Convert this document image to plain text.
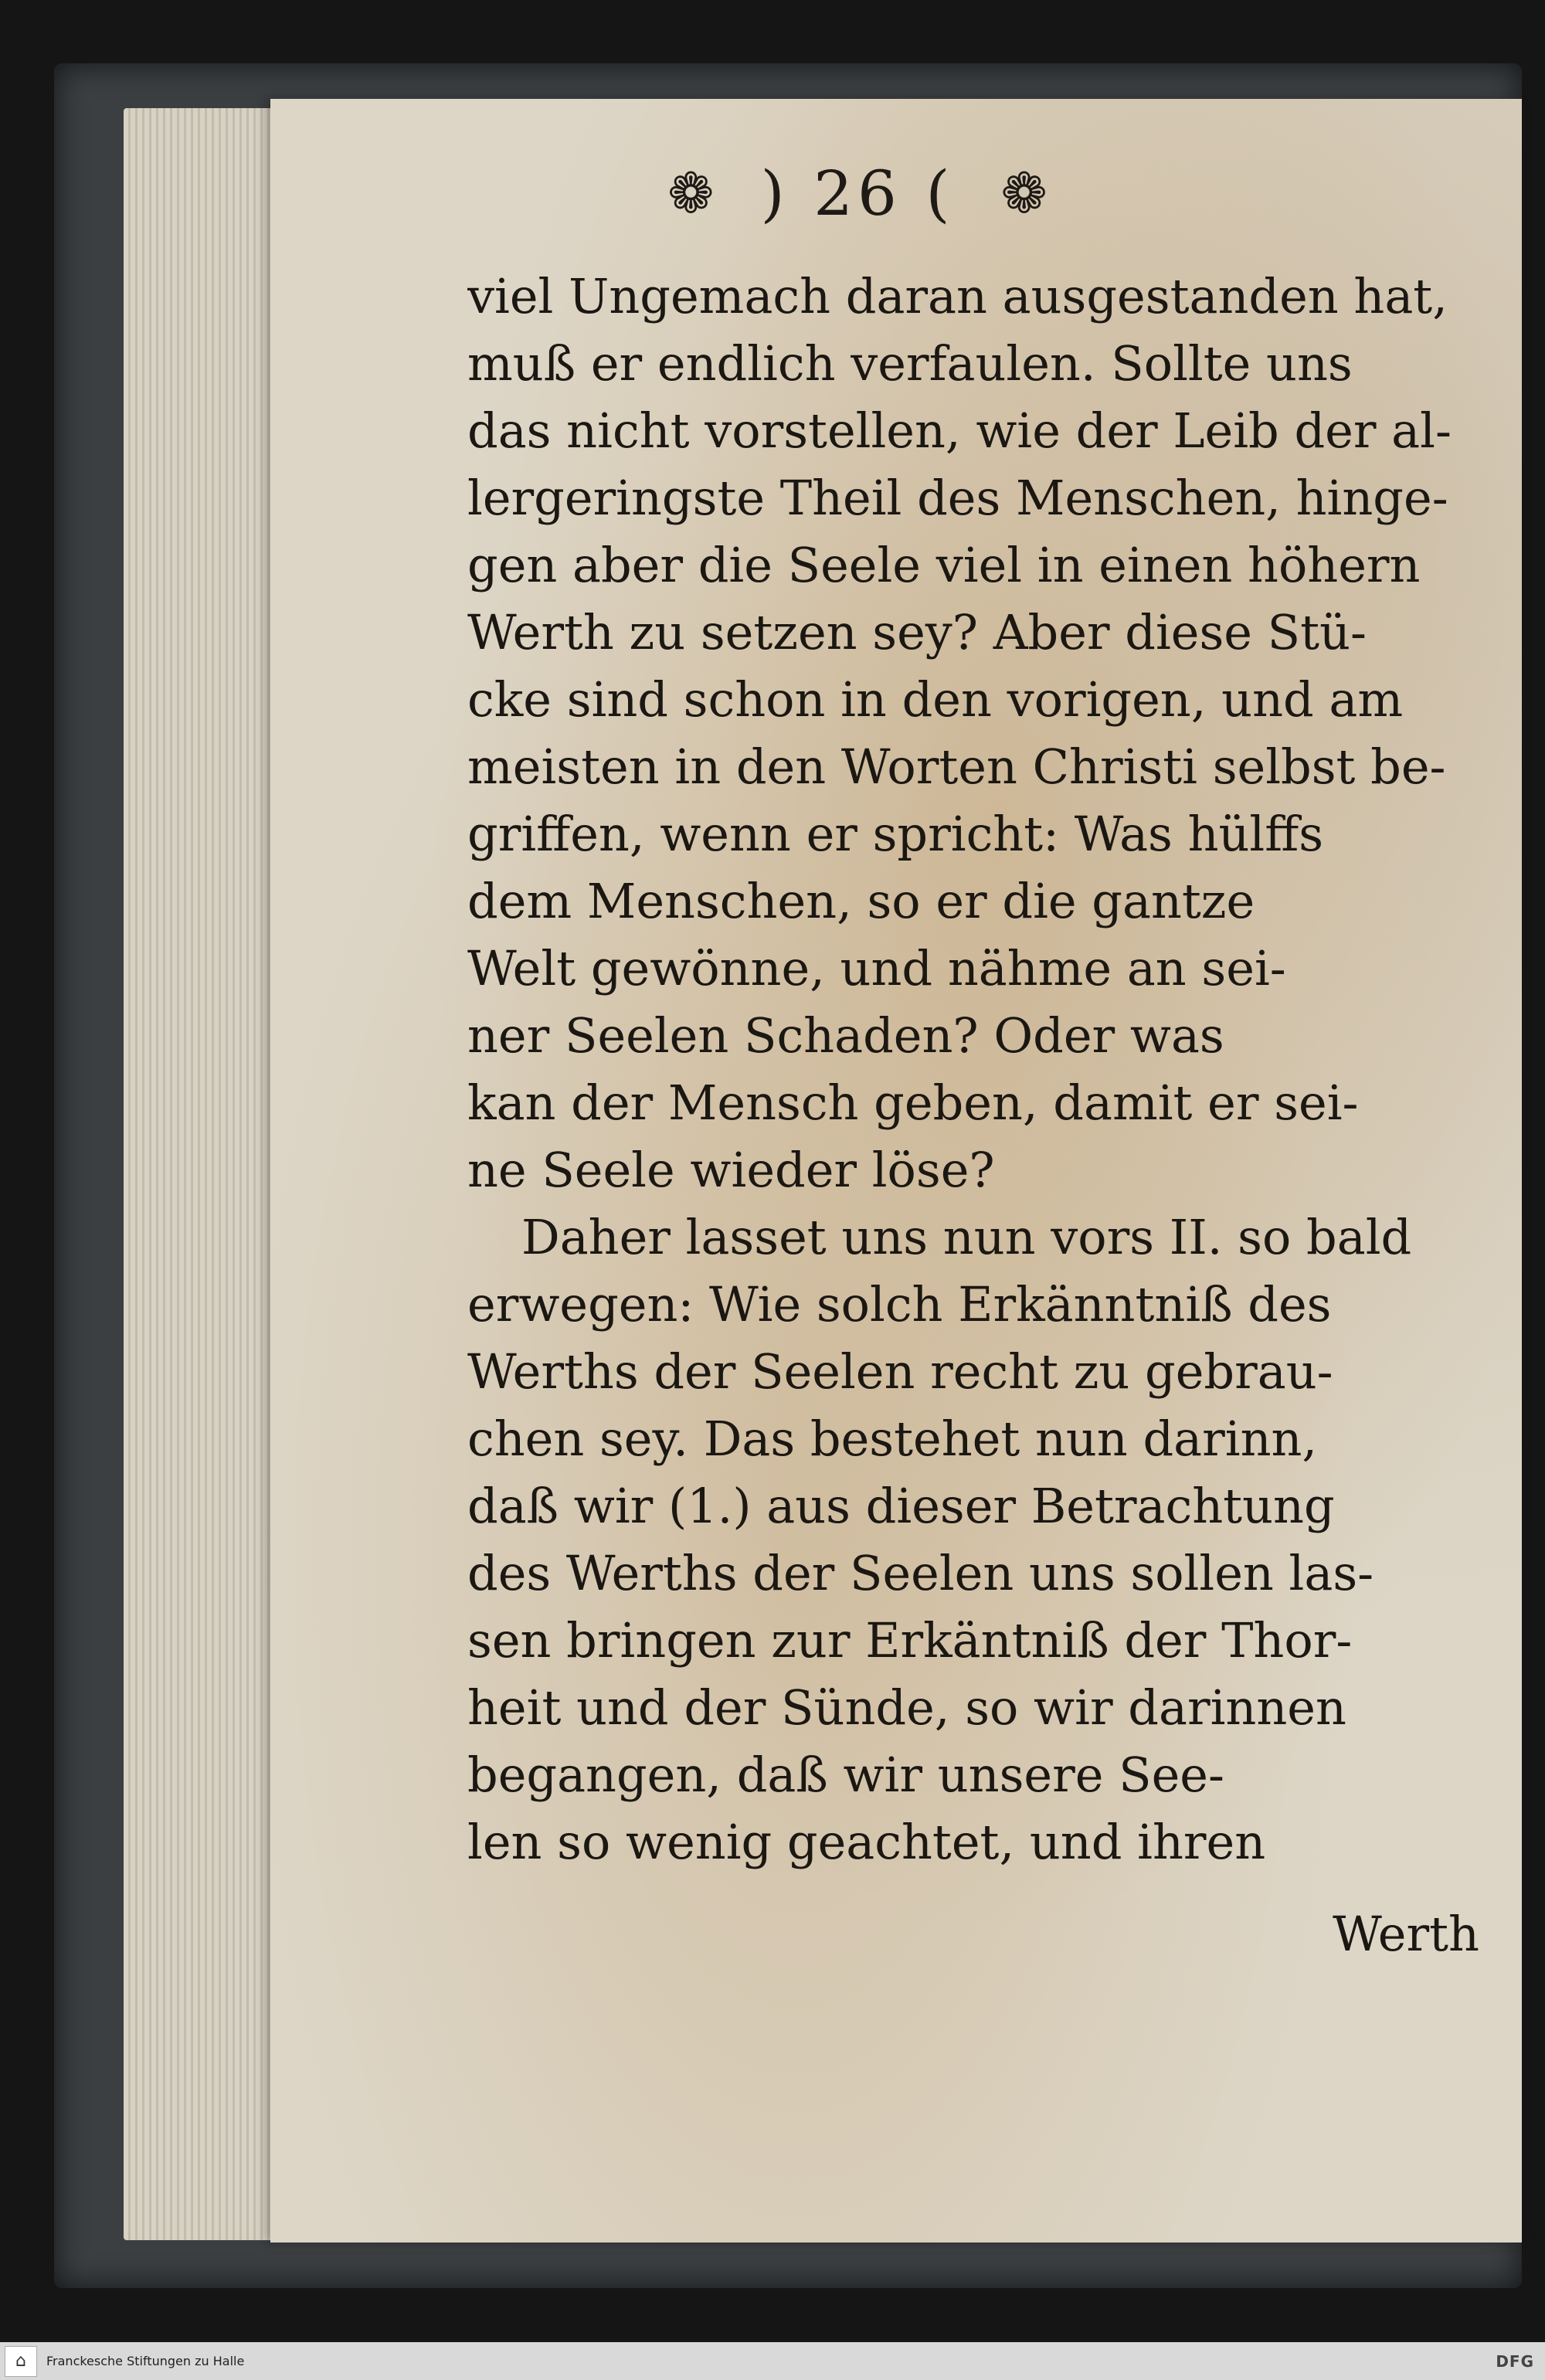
❁ ) 26 ( ❁
viel Ungemach daran ausgestanden hat,
muß er endlich verfaulen. Sollte uns
das nicht vorstellen, wie der Leib der al-
lergeringste Theil des Menschen, hinge-
gen aber die Seele viel in einen höhern
Werth zu setzen sey? Aber diese Stü-
cke sind schon in den vorigen, und am
meisten in den Worten Christi selbst be-
griffen, wenn er spricht: Was hülffs
dem Menschen, so er die gantze
Welt gewönne, und nähme an sei-
ner Seelen Schaden? Oder was
kan der Mensch geben, damit er sei-
ne Seele wieder löse?
Daher lasset uns nun vors II. so bald
erwegen: Wie solch Erkänntniß des
Werths der Seelen recht zu gebrau-
chen sey. Das bestehet nun darinn,
daß wir (1.) aus dieser Betrachtung
des Werths der Seelen uns sollen las-
sen bringen zur Erkäntniß der Thor-
heit und der Sünde, so wir darinnen
begangen, daß wir unsere See-
len so wenig geachtet, und ihren
Werth
⌂	Franckesche Stiftungen zu Halle	DFG
